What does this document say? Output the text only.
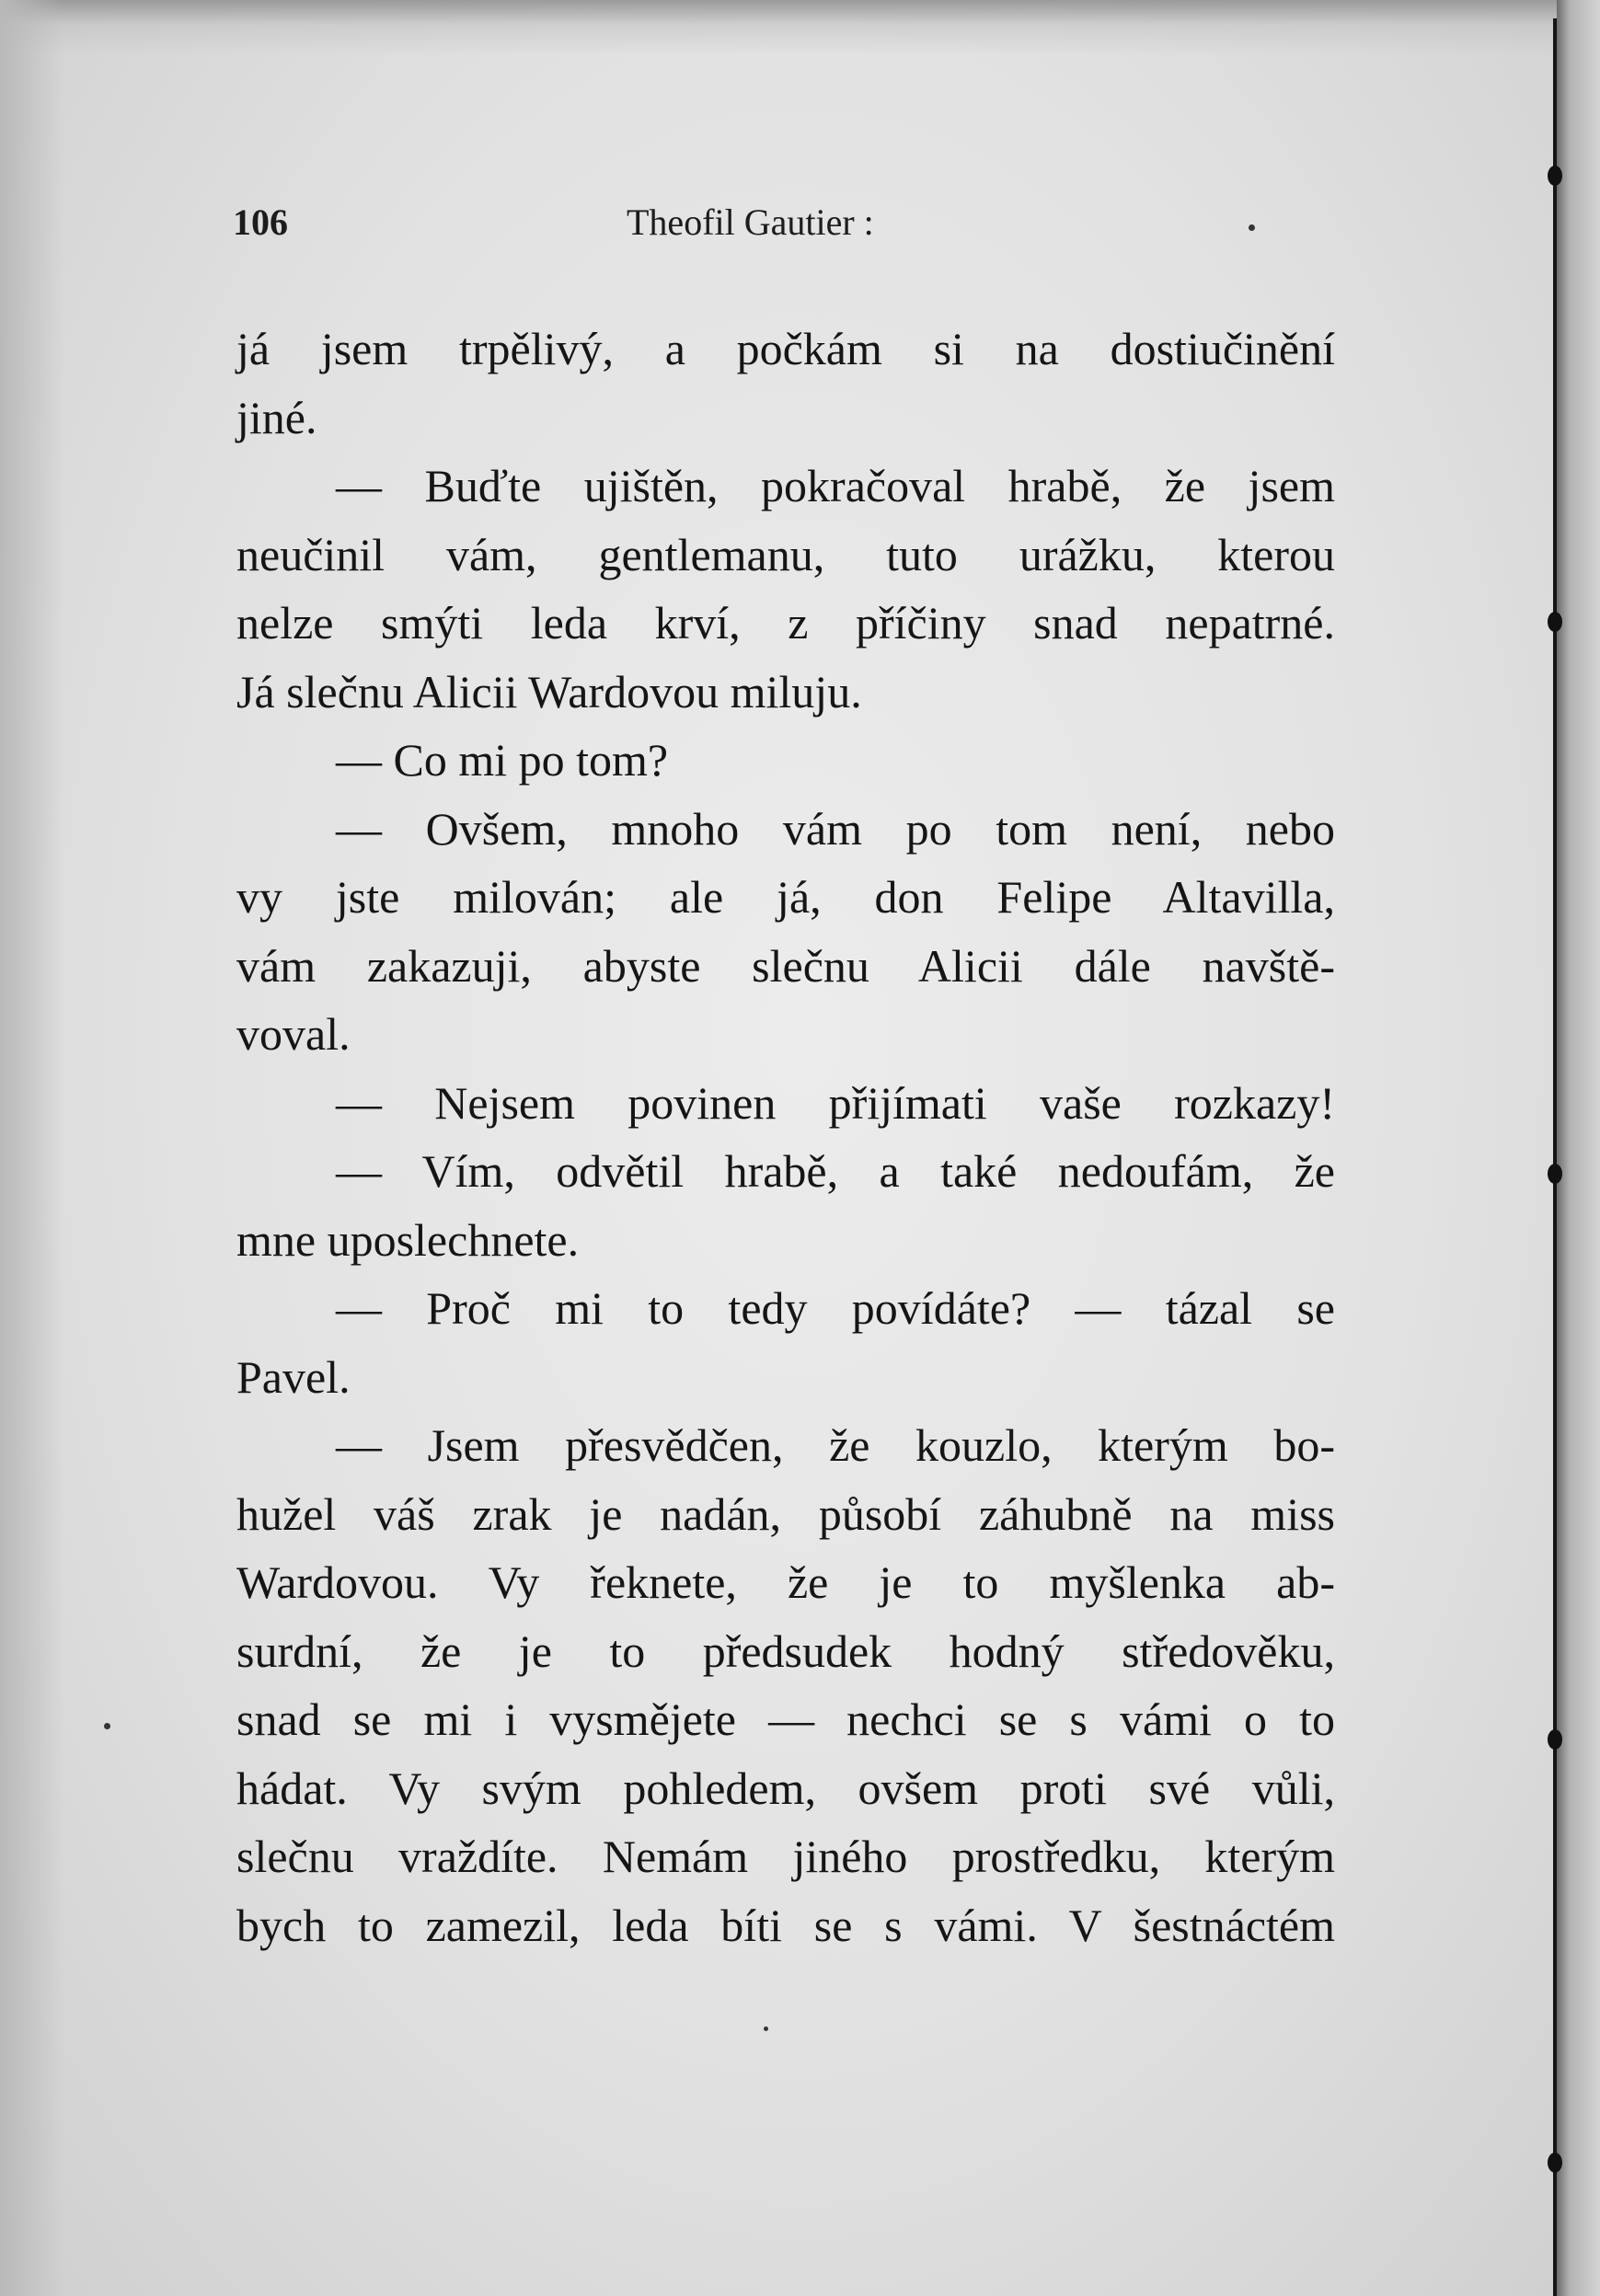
106	Theofil Gautier :
já jsem trpělivý, a počkám si na dostiučinění
jiné.
— Buďte ujištěn, pokračoval hrabě, že jsem
neučinil vám, gentlemanu, tuto urážku, kterou
nelze smýti leda krví, z příčiny snad nepatrné.
Já slečnu Alicii Wardovou miluju.
— Co mi po tom?
— Ovšem, mnoho vám po tom není, nebo
vy jste milován; ale já, don Felipe Altavilla,
vám zakazuji, abyste slečnu Alicii dále navště-
voval.
— Nejsem povinen přijímati vaše rozkazy!
— Vím, odvětil hrabě, a také nedoufám, že
mne uposlechnete.
— Proč mi to tedy povídáte? — tázal se
Pavel.
— Jsem přesvědčen, že kouzlo, kterým bo-
hužel váš zrak je nadán, působí záhubně na miss
Wardovou. Vy řeknete, že je to myšlenka ab-
surdní, že je to předsudek hodný středověku,
snad se mi i vysmějete — nechci se s vámi o to
hádat. Vy svým pohledem, ovšem proti své vůli,
slečnu vraždíte. Nemám jiného prostředku, kterým
bych to zamezil, leda bíti se s vámi. V šestnáctém
